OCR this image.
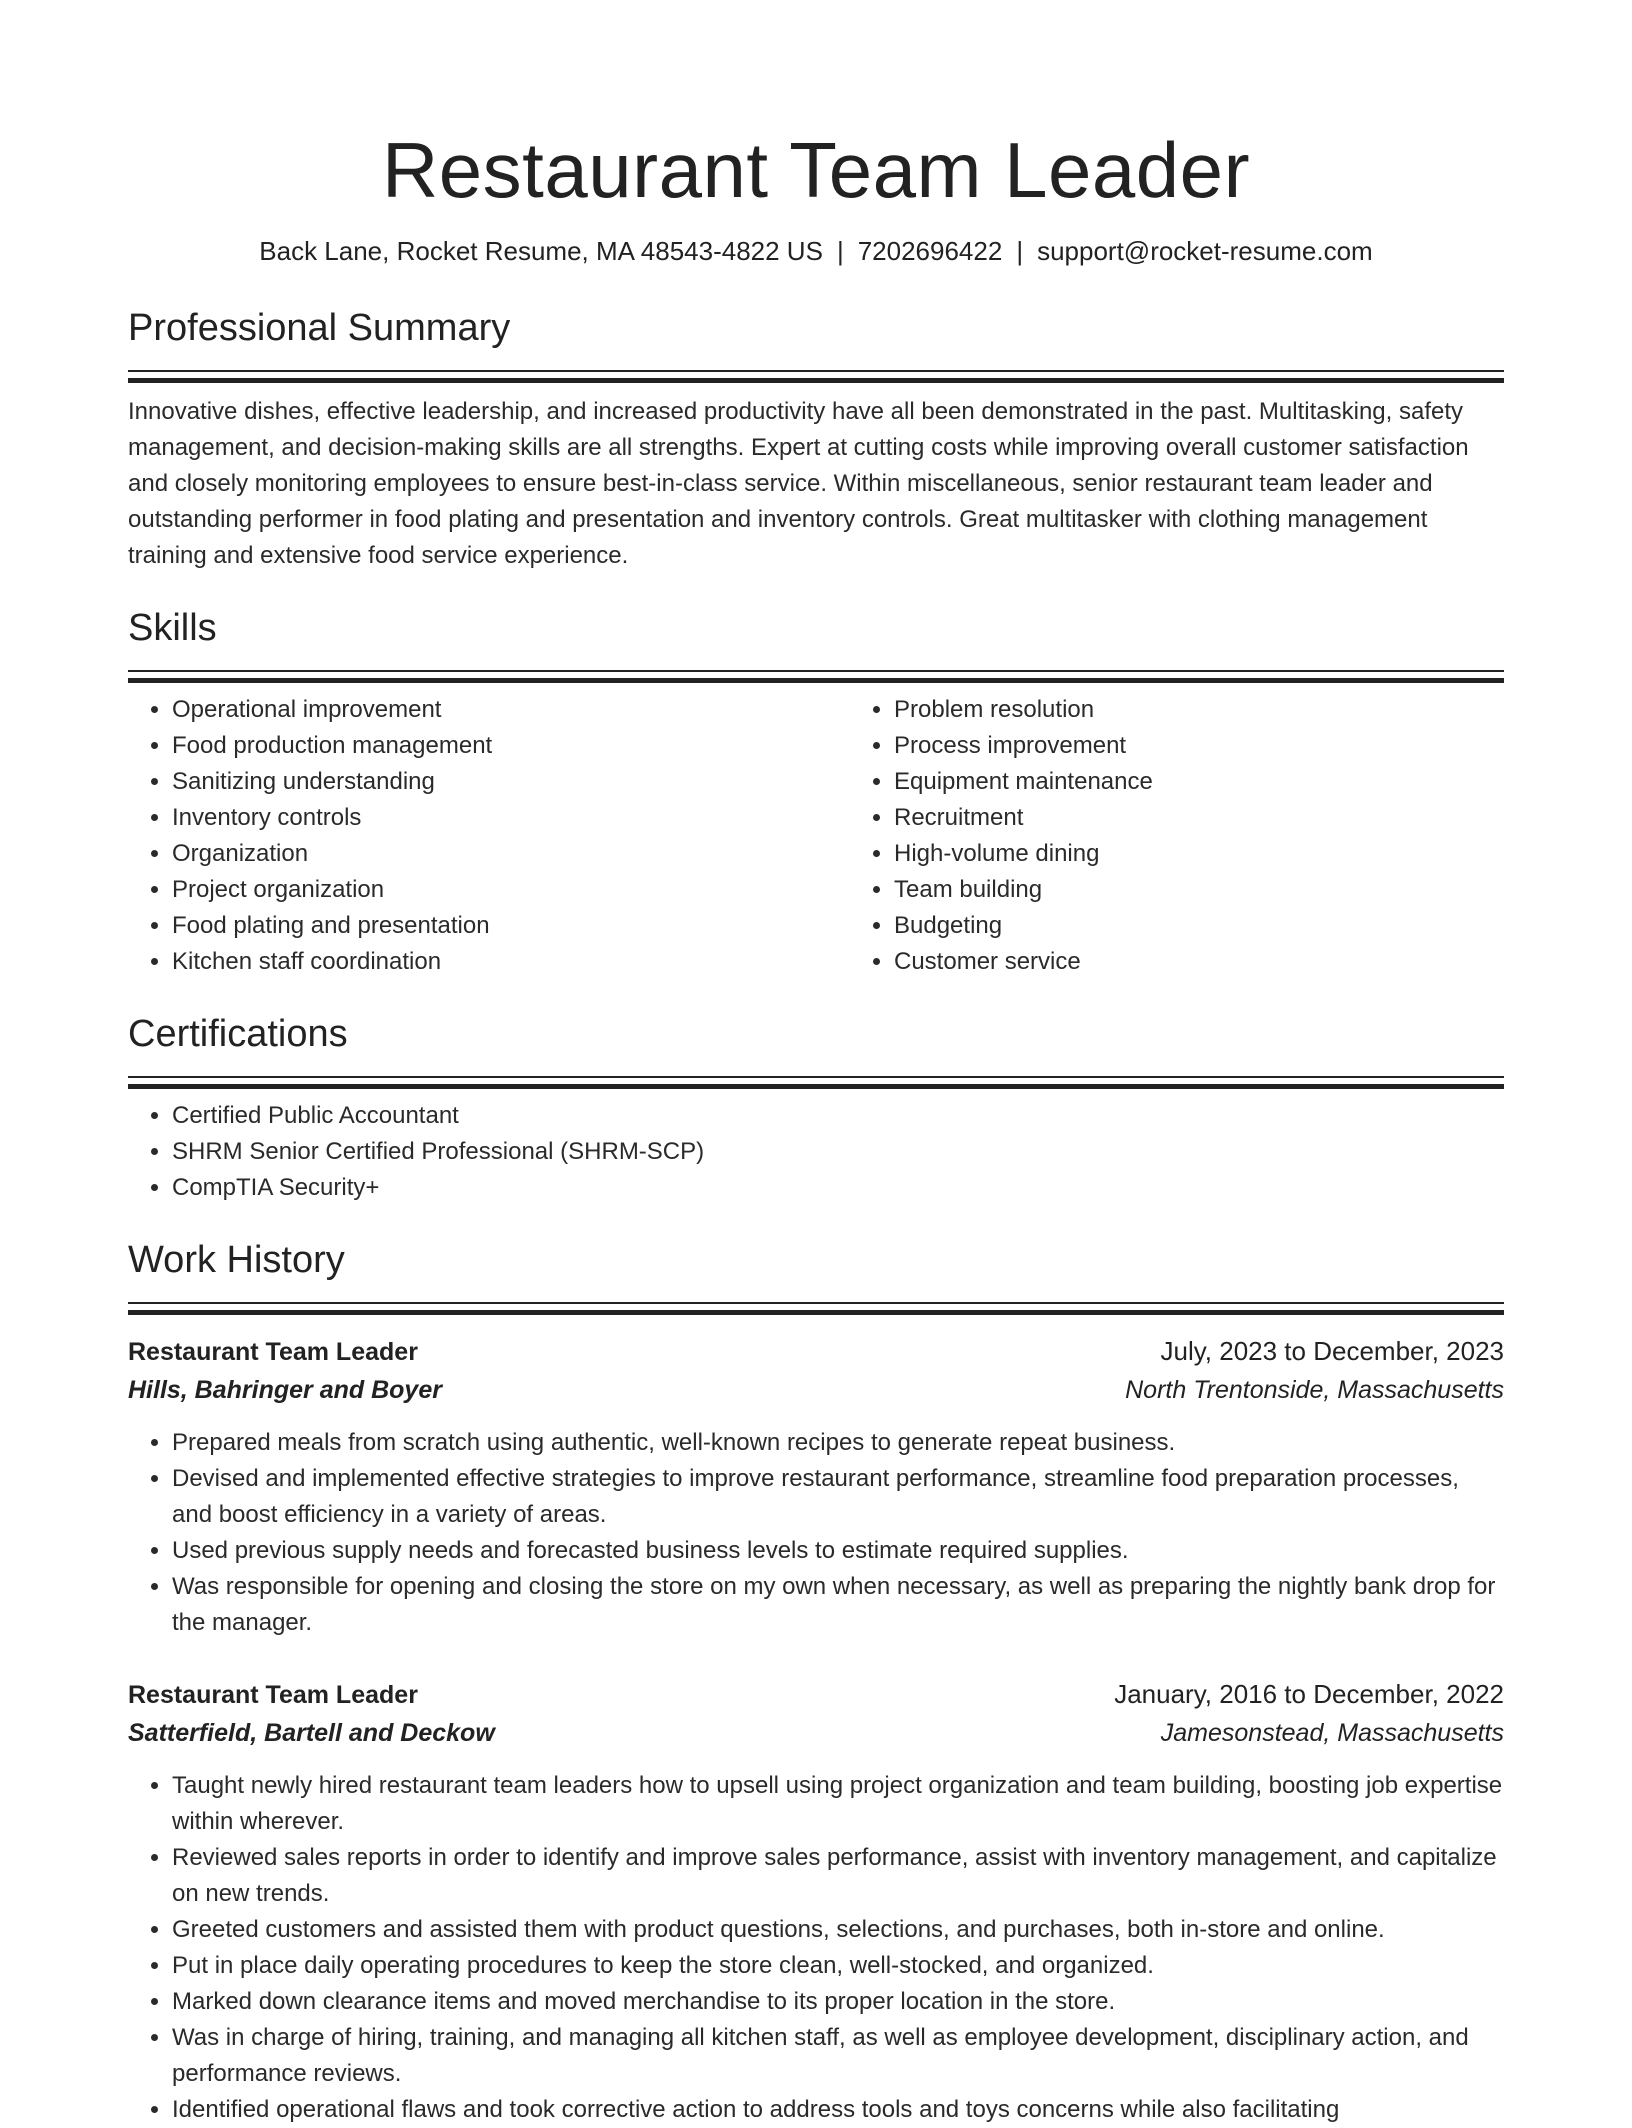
Restaurant Team Leader
Back Lane, Rocket Resume, MA 48543-4822 US | 7202696422 | support@rocket-resume.com
Professional Summary
Innovative dishes, effective leadership, and increased productivity have all been demonstrated in the past. Multitasking, safety management, and decision-making skills are all strengths. Expert at cutting costs while improving overall customer satisfaction and closely monitoring employees to ensure best-in-class service. Within miscellaneous, senior restaurant team leader and outstanding performer in food plating and presentation and inventory controls. Great multitasker with clothing management training and extensive food service experience.
Skills
• Operational improvement
• Food production management
• Sanitizing understanding
• Inventory controls
• Organization
• Project organization
• Food plating and presentation
• Kitchen staff coordination
• Problem resolution
• Process improvement
• Equipment maintenance
• Recruitment
• High-volume dining
• Team building
• Budgeting
• Customer service
Certifications
• Certified Public Accountant
• SHRM Senior Certified Professional (SHRM-SCP)
• CompTIA Security+
Work History
Restaurant Team Leader	July, 2023 to December, 2023
Hills, Bahringer and Boyer	North Trentonside, Massachusetts
• Prepared meals from scratch using authentic, well-known recipes to generate repeat business.
• Devised and implemented effective strategies to improve restaurant performance, streamline food preparation processes, and boost efficiency in a variety of areas.
• Used previous supply needs and forecasted business levels to estimate required supplies.
• Was responsible for opening and closing the store on my own when necessary, as well as preparing the nightly bank drop for the manager.
Restaurant Team Leader	January, 2016 to December, 2022
Satterfield, Bartell and Deckow	Jamesonstead, Massachusetts
• Taught newly hired restaurant team leaders how to upsell using project organization and team building, boosting job expertise within wherever.
• Reviewed sales reports in order to identify and improve sales performance, assist with inventory management, and capitalize on new trends.
• Greeted customers and assisted them with product questions, selections, and purchases, both in-store and online.
• Put in place daily operating procedures to keep the store clean, well-stocked, and organized.
• Marked down clearance items and moved merchandise to its proper location in the store.
• Was in charge of hiring, training, and managing all kitchen staff, as well as employee development, disciplinary action, and performance reviews.
• Identified operational flaws and took corrective action to address tools and toys concerns while also facilitating
